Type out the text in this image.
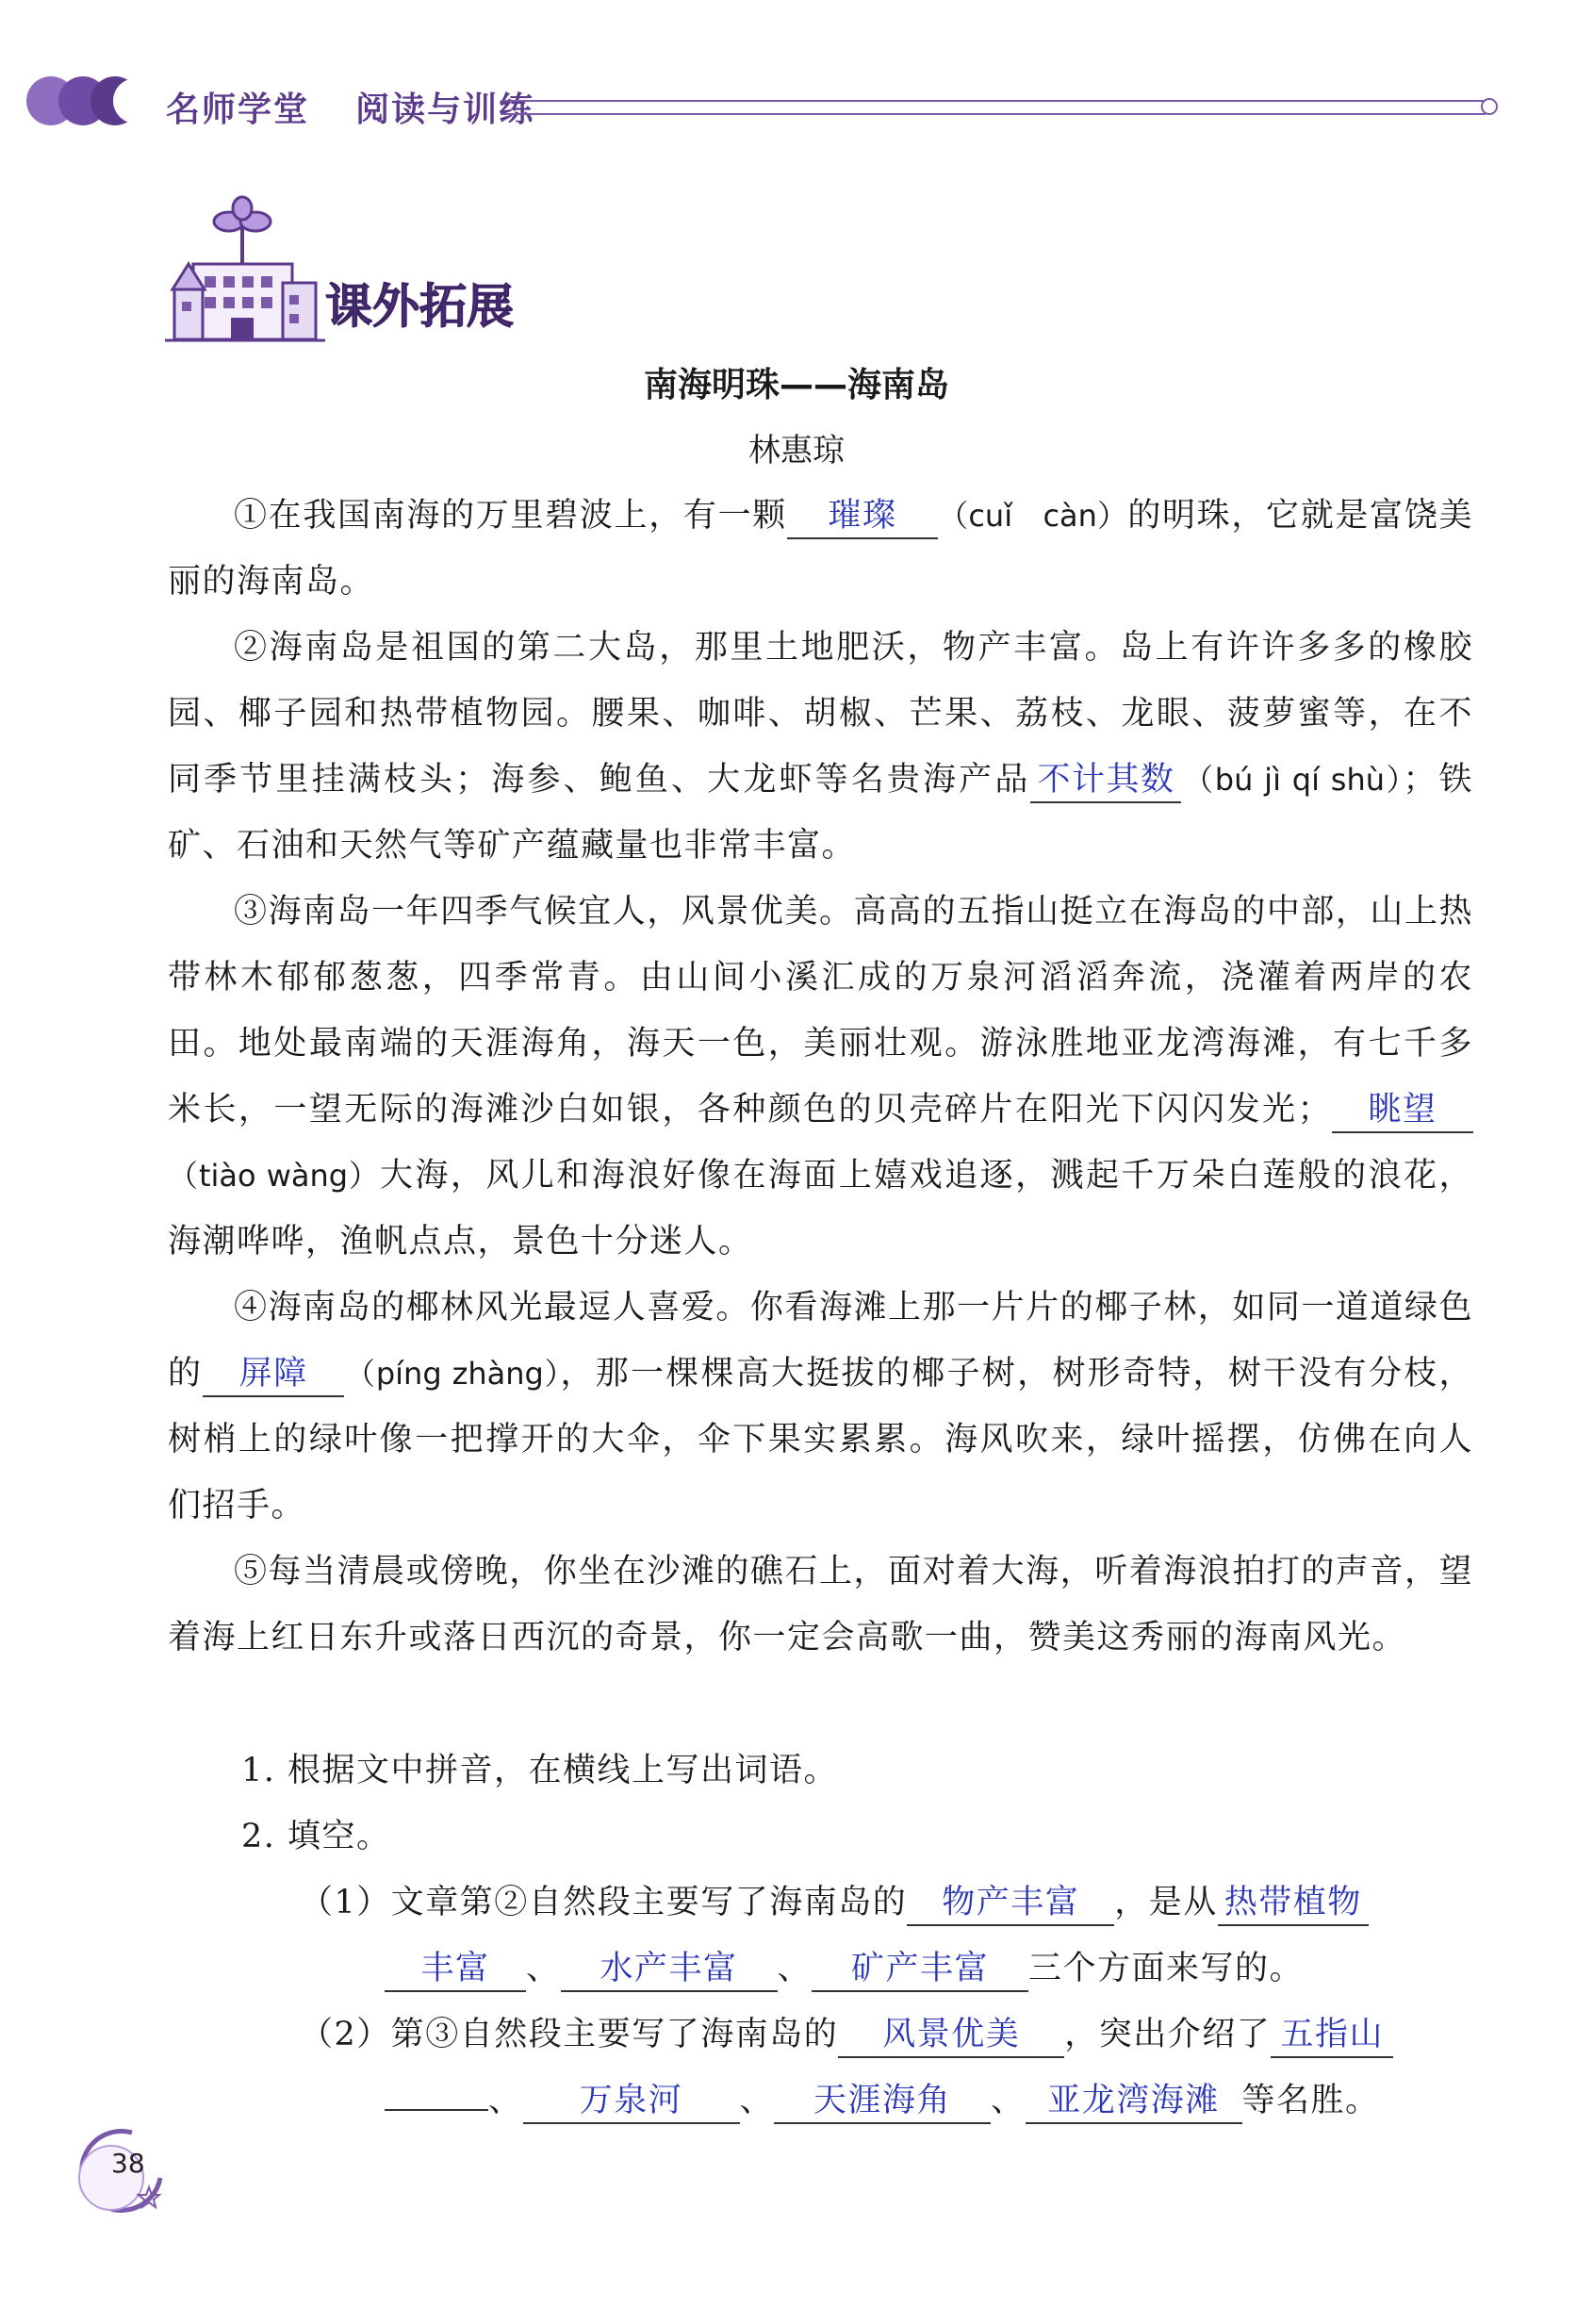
名师学堂 阅读与训练
课外拓展
南海明珠——海南岛
林惠琼

①在我国南海的万里碧波上，有一颗 璀璨 （cuǐ　càn）的明珠，它就是富饶美丽的海南岛。

②海南岛是祖国的第二大岛，那里土地肥沃，物产丰富。岛上有许许多多的橡胶园、椰子园和热带植物园。腰果、咖啡、胡椒、芒果、荔枝、龙眼、菠萝蜜等，在不同季节里挂满枝头；海参、鲍鱼、大龙虾等名贵海产品 不计其数 （bú jì qí shù）；铁矿、石油和天然气等矿产蕴藏量也非常丰富。

③海南岛一年四季气候宜人，风景优美。高高的五指山挺立在海岛的中部，山上热带林木郁郁葱葱，四季常青。由山间小溪汇成的万泉河滔滔奔流，浇灌着两岸的农田。地处最南端的天涯海角，海天一色，美丽壮观。游泳胜地亚龙湾海滩，有七千多米长，一望无际的海滩沙白如银，各种颜色的贝壳碎片在阳光下闪闪发光； 眺望（tiào wàng）大海，风儿和海浪好像在海面上嬉戏追逐，溅起千万朵白莲般的浪花，海潮哗哗，渔帆点点，景色十分迷人。

④海南岛的椰林风光最逗人喜爱。你看海滩上那一片片的椰子林，如同一道道绿色的 屏障 （píng zhàng），那一棵棵高大挺拔的椰子树，树形奇特，树干没有分枝，树梢上的绿叶像一把撑开的大伞，伞下果实累累。海风吹来，绿叶摇摆，仿佛在向人们招手。

⑤每当清晨或傍晚，你坐在沙滩的礁石上，面对着大海，听着海浪拍打的声音，望着海上红日东升或落日西沉的奇景，你一定会高歌一曲，赞美这秀丽的海南风光。

1. 根据文中拼音，在横线上写出词语。
2. 填空。
（1）文章第②自然段主要写了海南岛的 物产丰富 ，是从 热带植物
丰富 、 水产丰富 、 矿产丰富 三个方面来写的。
（2）第③自然段主要写了海南岛的 风景优美 ，突出介绍了 五指山
、 万泉河 、 天涯海角 、 亚龙湾海滩 等名胜。
38
